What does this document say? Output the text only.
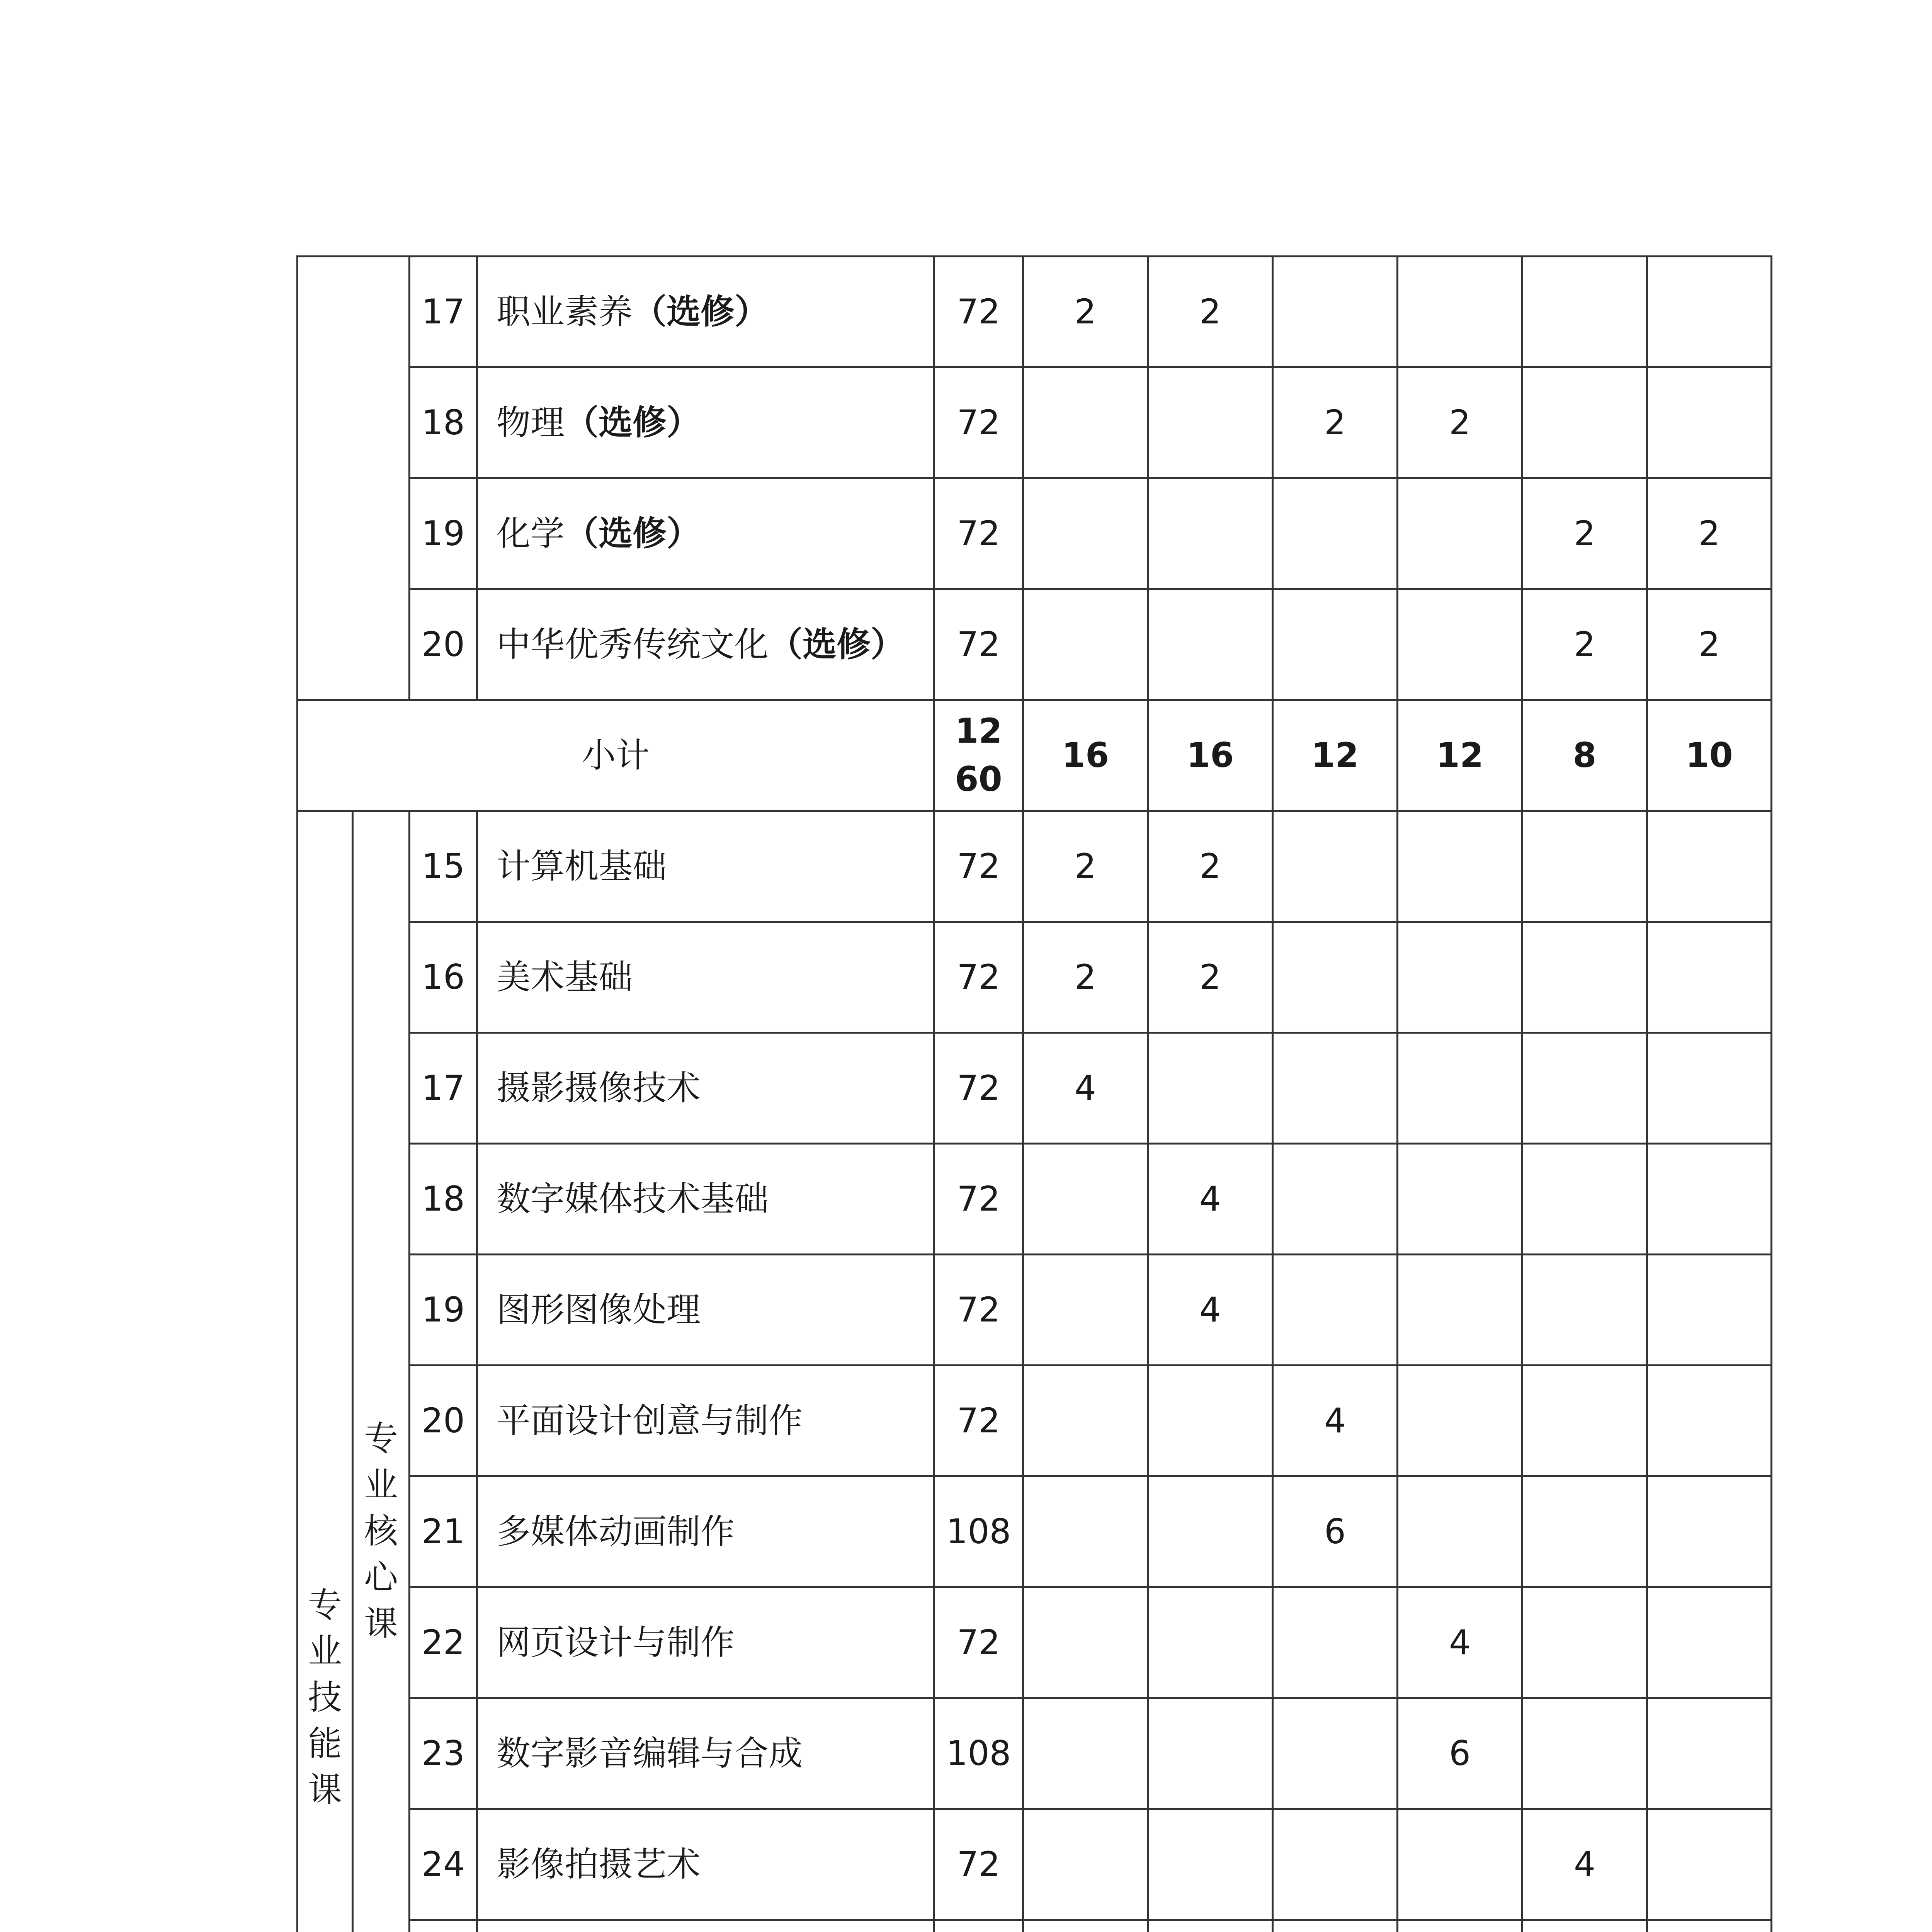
		17	职业素养（选修）	72	2	2				
		18	物理（选修）	72			2	2		
		19	化学（选修）	72					2	2
		20	中华优秀传统文化（选修）	72					2	2
小计				1260	16	16	12	12	8	10
专业技能课	专业核心课	15	计算机基础	72	2	2				
		16	美术基础	72	2	2				
		17	摄影摄像技术	72	4					
		18	数字媒体技术基础	72		4				
		19	图形图像处理	72		4				
		20	平面设计创意与制作	72			4			
		21	多媒体动画制作	108			6			
		22	网页设计与制作	72				4		
		23	数字影音编辑与合成	108				6		
		24	影像拍摄艺术	72					4	
